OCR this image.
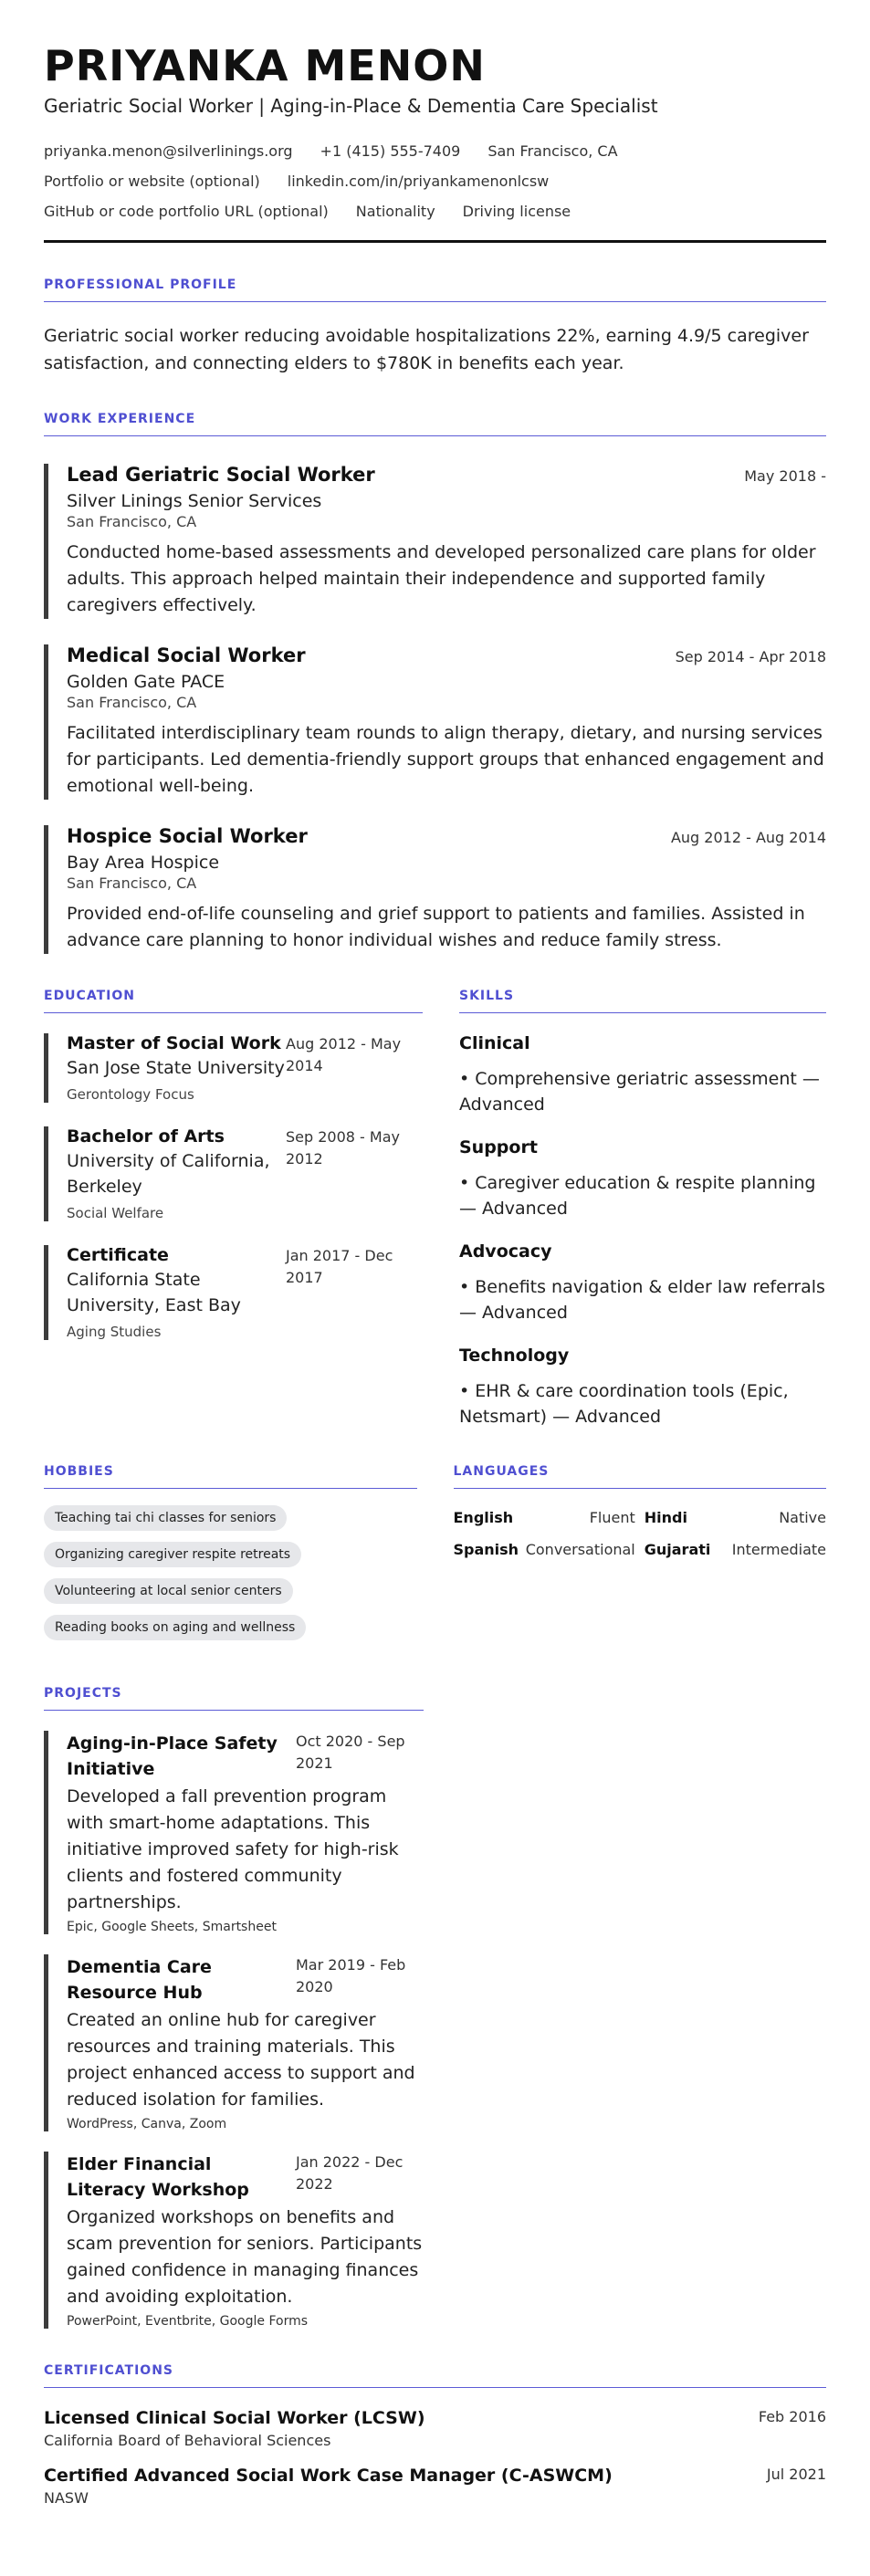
PRIYANKA MENON
Geriatric Social Worker | Aging-in-Place & Dementia Care Specialist
priyanka.menon@silverlinings.org +1 (415) 555-7409 San Francisco, CA
Portfolio or website (optional) linkedin.com/in/priyankamenonlcsw
GitHub or code portfolio URL (optional) Nationality Driving license
PROFESSIONAL PROFILE
Geriatric social worker reducing avoidable hospitalizations 22%, earning 4.9/5 caregiver satisfaction, and connecting elders to $780K in benefits each year.
WORK EXPERIENCE
Lead Geriatric Social Worker	May 2018 -
Silver Linings Senior Services
San Francisco, CA
Conducted home-based assessments and developed personalized care plans for older adults. This approach helped maintain their independence and supported family caregivers effectively.
Medical Social Worker	Sep 2014 - Apr 2018
Golden Gate PACE
San Francisco, CA
Facilitated interdisciplinary team rounds to align therapy, dietary, and nursing services for participants. Led dementia-friendly support groups that enhanced engagement and emotional well-being.
Hospice Social Worker	Aug 2012 - Aug 2014
Bay Area Hospice
San Francisco, CA
Provided end-of-life counseling and grief support to patients and families. Assisted in advance care planning to honor individual wishes and reduce family stress.
EDUCATION
Master of Social Work
San Jose State University
Gerontology Focus
Aug 2012 - May 2014
Bachelor of Arts
University of California, Berkeley
Social Welfare
Sep 2008 - May 2012
Certificate
California State University, East Bay
Aging Studies
Jan 2017 - Dec 2017
SKILLS
Clinical
• Comprehensive geriatric assessment — Advanced
Support
• Caregiver education & respite planning — Advanced
Advocacy
• Benefits navigation & elder law referrals — Advanced
Technology
• EHR & care coordination tools (Epic, Netsmart) — Advanced
HOBBIES
Teaching tai chi classes for seniors
Organizing caregiver respite retreats
Volunteering at local senior centers
Reading books on aging and wellness
LANGUAGES
English	Fluent Hindi	Native
Spanish Conversational Gujarati Intermediate
PROJECTS
Aging-in-Place Safety Initiative
Oct 2020 - Sep 2021
Developed a fall prevention program with smart-home adaptations. This initiative improved safety for high-risk clients and fostered community partnerships.
Epic, Google Sheets, Smartsheet
Dementia Care Resource Hub
Mar 2019 - Feb 2020
Created an online hub for caregiver resources and training materials. This project enhanced access to support and reduced isolation for families.
WordPress, Canva, Zoom
Elder Financial Literacy Workshop
Jan 2022 - Dec 2022
Organized workshops on benefits and scam prevention for seniors. Participants gained confidence in managing finances and avoiding exploitation.
PowerPoint, Eventbrite, Google Forms
CERTIFICATIONS
Licensed Clinical Social Worker (LCSW)
California Board of Behavioral Sciences
Feb 2016
Certified Advanced Social Work Case Manager (C-ASWCM)
NASW
Jul 2021
